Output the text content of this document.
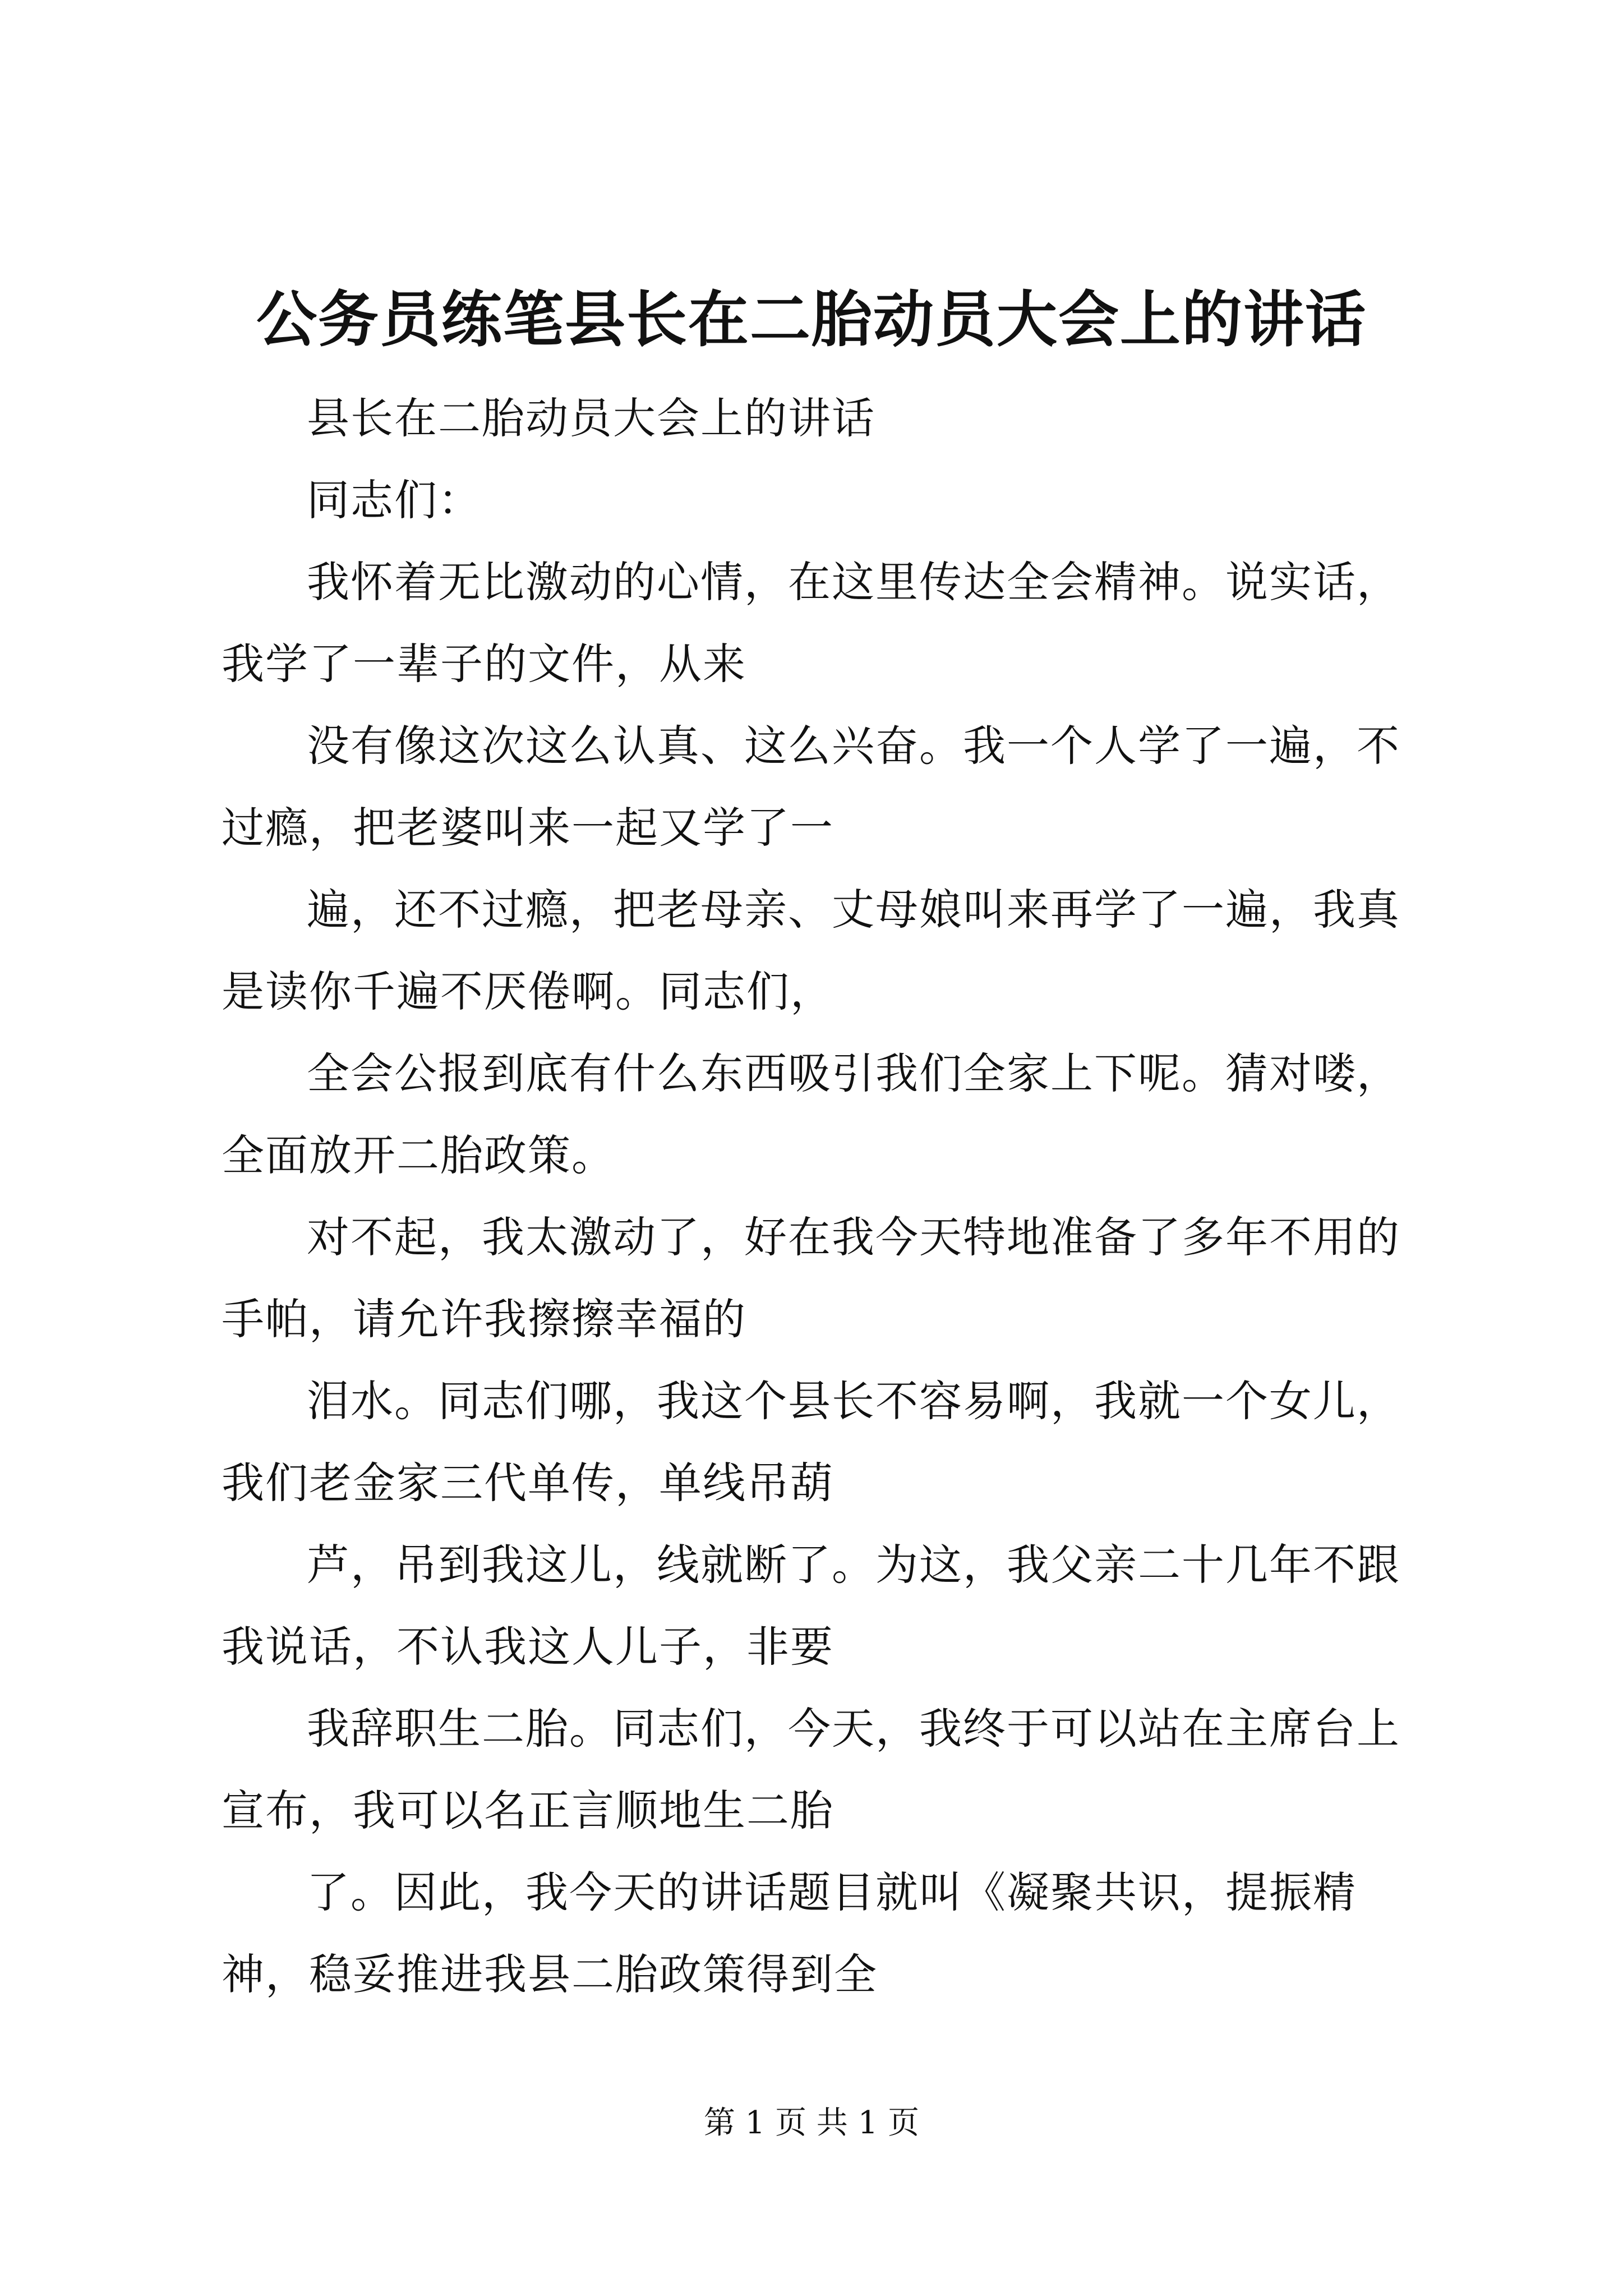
公务员练笔县长在二胎动员大会上的讲话

县长在二胎动员大会上的讲话

同志们：

我怀着无比激动的心情，在这里传达全会精神。说实话，我学了一辈子的文件，从来

没有像这次这么认真、这么兴奋。我一个人学了一遍，不过瘾，把老婆叫来一起又学了一

遍，还不过瘾，把老母亲、丈母娘叫来再学了一遍，我真是读你千遍不厌倦啊。同志们，

全会公报到底有什么东西吸引我们全家上下呢。猜对喽，全面放开二胎政策。

对不起，我太激动了，好在我今天特地准备了多年不用的手帕，请允许我擦擦幸福的

泪水。同志们哪，我这个县长不容易啊，我就一个女儿，我们老金家三代单传，单线吊葫

芦，吊到我这儿，线就断了。为这，我父亲二十几年不跟我说话，不认我这人儿子，非要

我辞职生二胎。同志们，今天，我终于可以站在主席台上宣布，我可以名正言顺地生二胎

了。因此，我今天的讲话题目就叫《凝聚共识，提振精神，稳妥推进我县二胎政策得到全

第 1 页 共 1 页
